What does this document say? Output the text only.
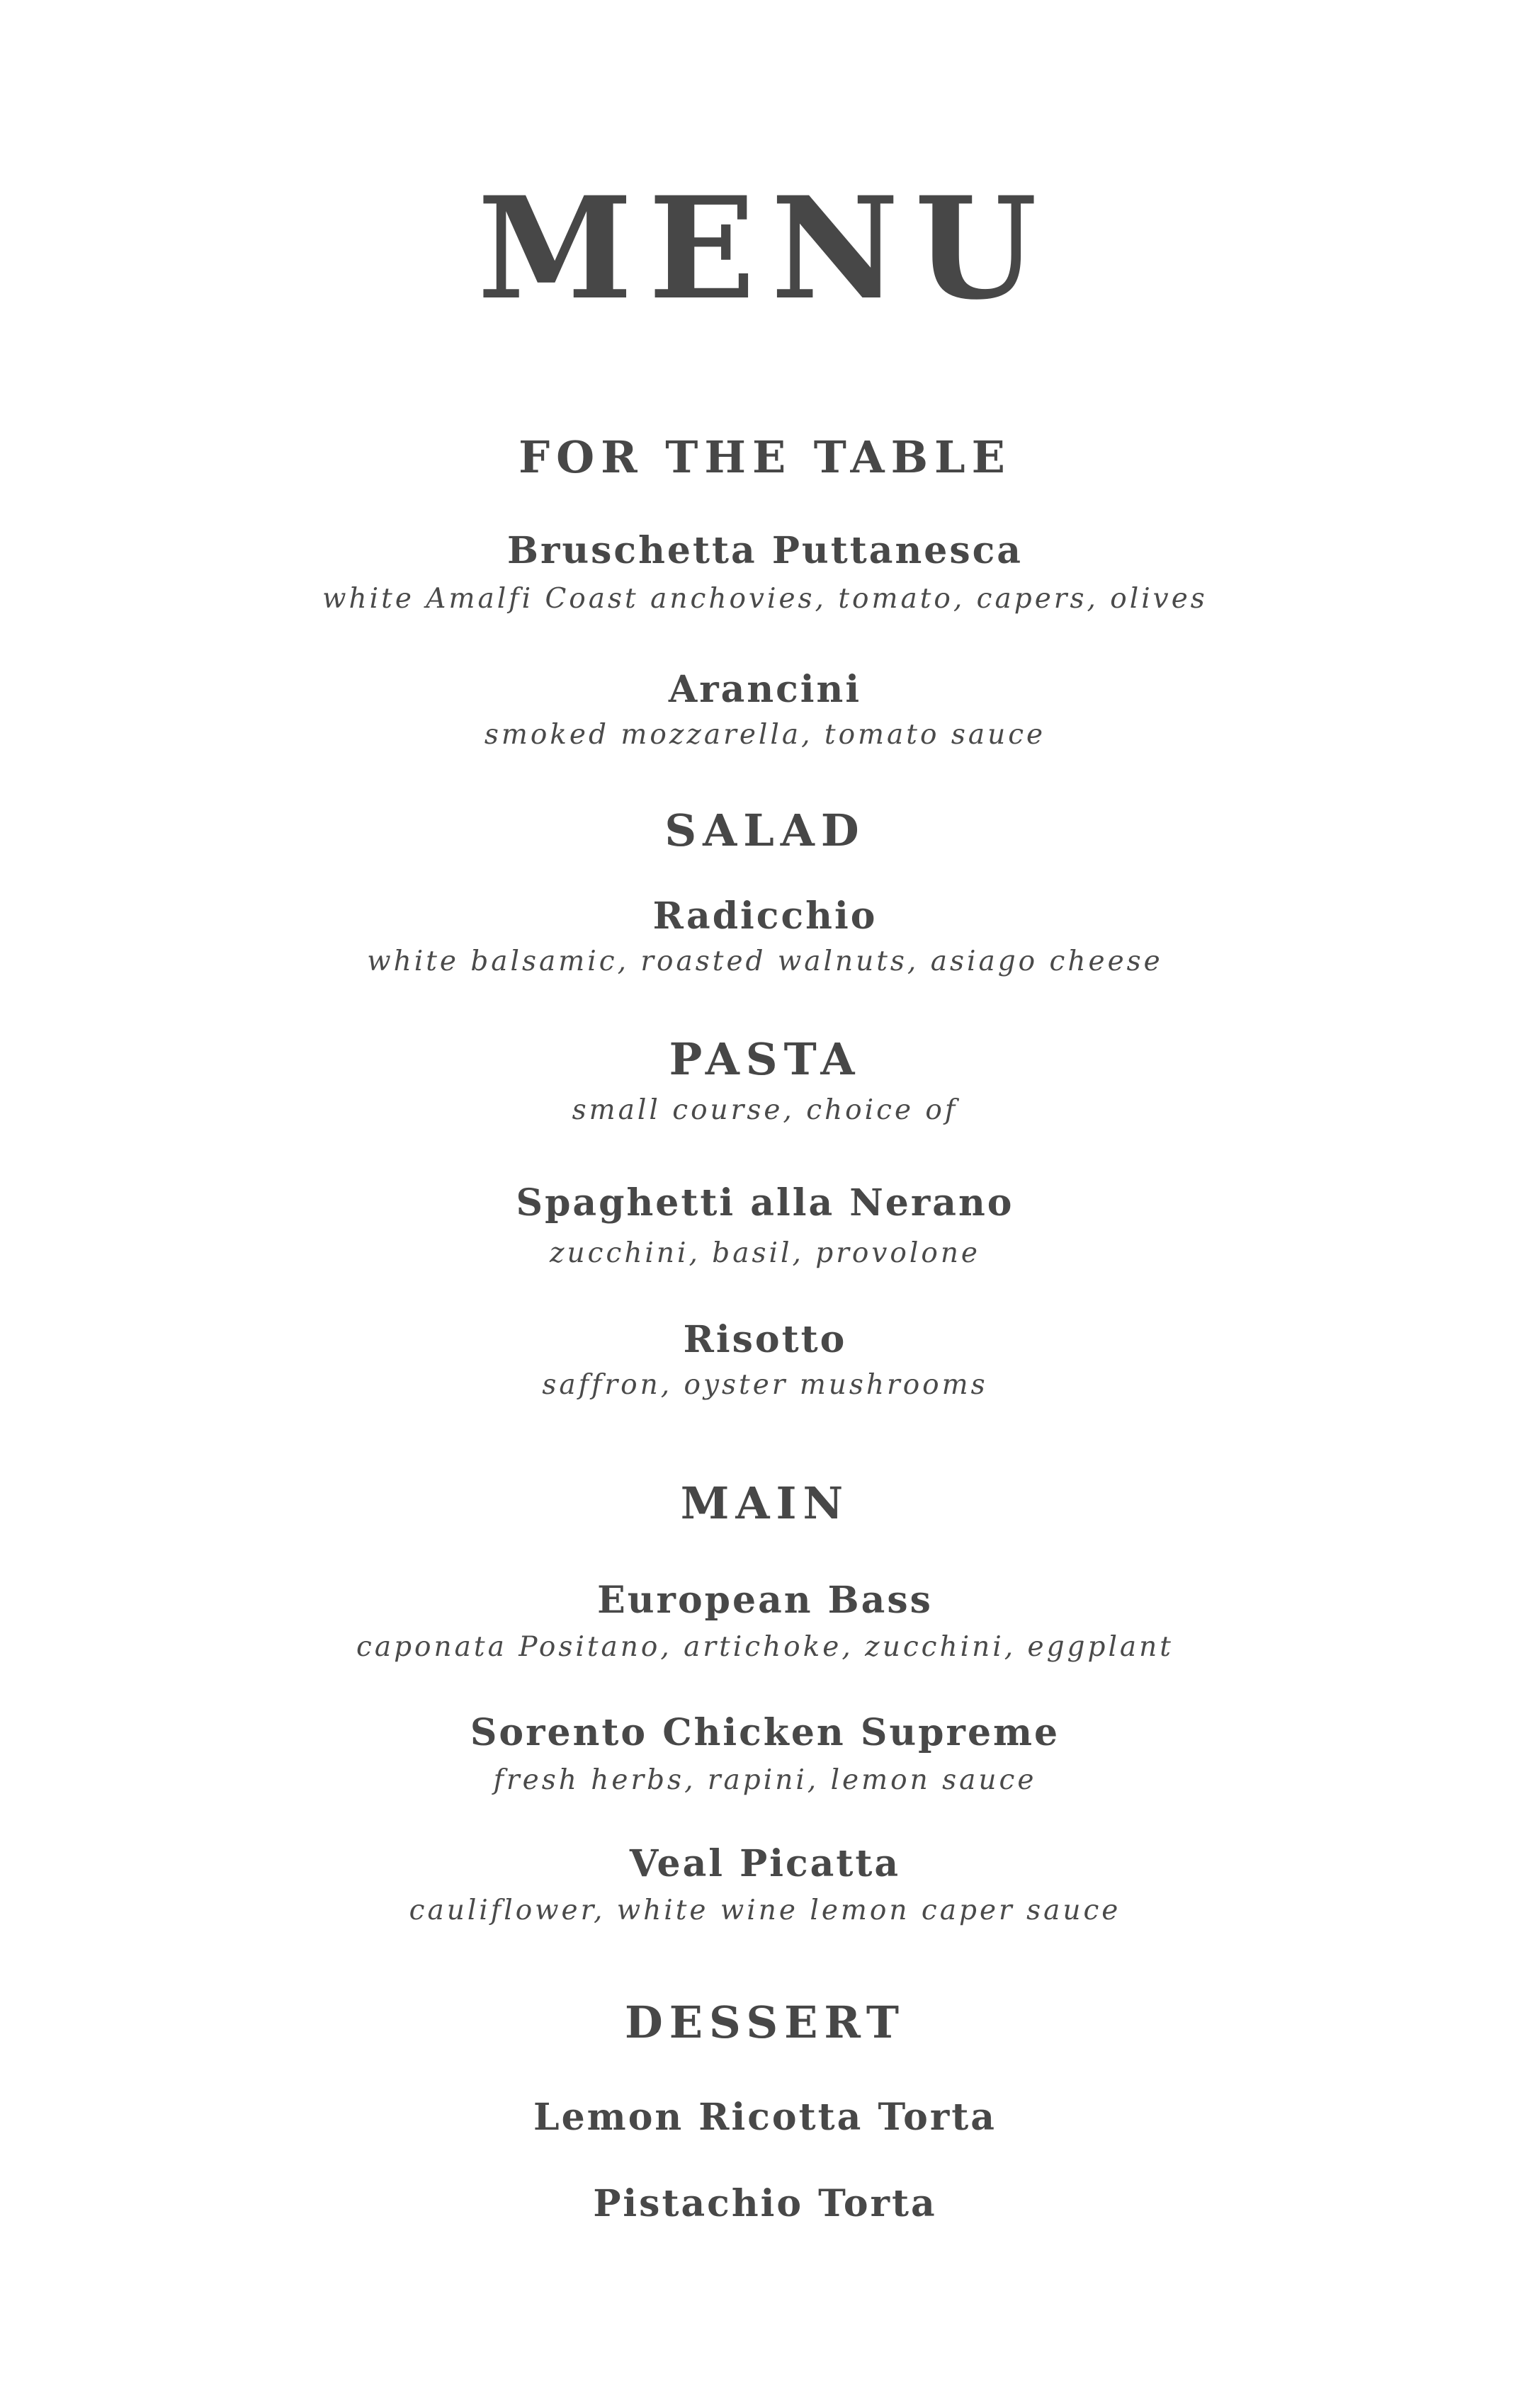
MENU
FOR THE TABLE
Bruschetta Puttanesca
white Amalfi Coast anchovies, tomato, capers, olives
Arancini
smoked mozzarella, tomato sauce
SALAD
Radicchio
white balsamic, roasted walnuts, asiago cheese
PASTA
small course, choice of
Spaghetti alla Nerano
zucchini, basil, provolone
Risotto
saffron, oyster mushrooms
MAIN
European Bass
caponata Positano, artichoke, zucchini, eggplant
Sorento Chicken Supreme
fresh herbs, rapini, lemon sauce
Veal Picatta
cauliflower, white wine lemon caper sauce
DESSERT
Lemon Ricotta Torta
Pistachio Torta
